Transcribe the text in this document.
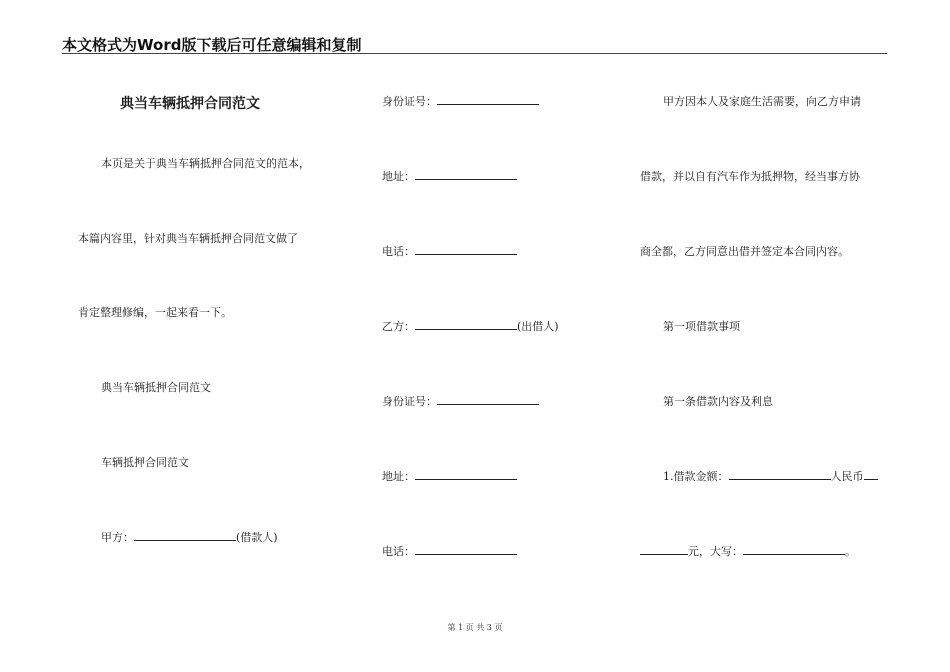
本文格式为Word版下载后可任意编辑和复制
典当车辆抵押合同范文
本页是关于典当车辆抵押合同范文的范本，
本篇内容里，针对典当车辆抵押合同范文做了
肯定整理修编，一起来看一下。
典当车辆抵押合同范文
车辆抵押合同范文
甲方：	(借款人)
身份证号：
地址：
电话：
乙方：	(出借人)
身份证号：
地址：
电话：
甲方因本人及家庭生活需要，向乙方申请
借款，并以自有汽车作为抵押物，经当事方协
商全都，乙方同意出借并签定本合同内容。
第一项借款事项
第一条借款内容及利息
1.借款金额：	人民币
元，大写：	。
第 1 页 共 3 页
